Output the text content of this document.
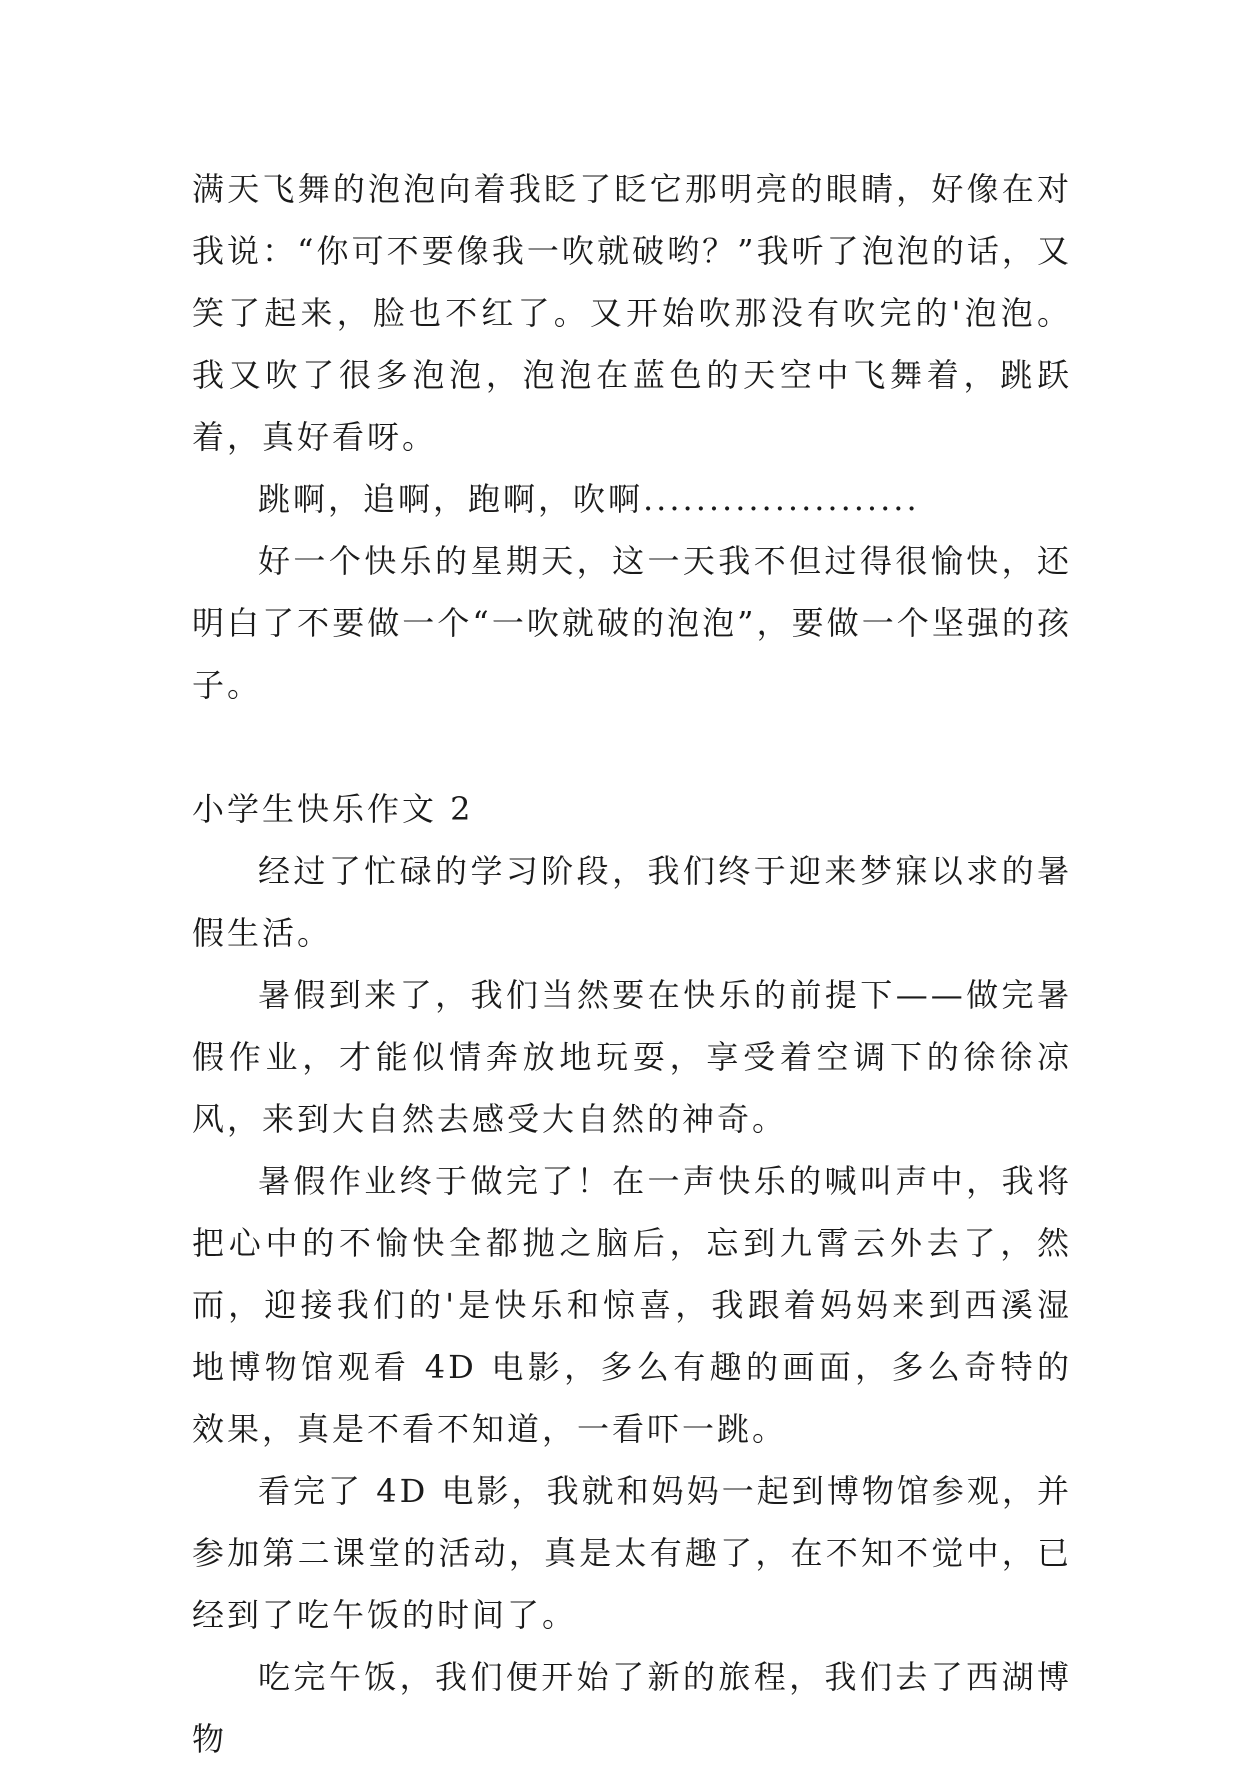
满天飞舞的泡泡向着我眨了眨它那明亮的眼睛，好像在对我说：“你可不要像我一吹就破哟？”我听了泡泡的话，又笑了起来，脸也不红了。又开始吹那没有吹完的'泡泡。我又吹了很多泡泡，泡泡在蓝色的天空中飞舞着，跳跃着，真好看呀。

跳啊，追啊，跑啊，吹啊.....................

好一个快乐的星期天，这一天我不但过得很愉快，还明白了不要做一个“一吹就破的泡泡”，要做一个坚强的孩子。

小学生快乐作文 2

经过了忙碌的学习阶段，我们终于迎来梦寐以求的暑假生活。

暑假到来了，我们当然要在快乐的前提下——做完暑假作业，才能似情奔放地玩耍，享受着空调下的徐徐凉风，来到大自然去感受大自然的神奇。

暑假作业终于做完了！在一声快乐的喊叫声中，我将把心中的不愉快全都抛之脑后，忘到九霄云外去了，然而，迎接我们的'是快乐和惊喜，我跟着妈妈来到西溪湿地博物馆观看 4D 电影，多么有趣的画面，多么奇特的效果，真是不看不知道，一看吓一跳。

看完了 4D 电影，我就和妈妈一起到博物馆参观，并参加第二课堂的活动，真是太有趣了，在不知不觉中，已经到了吃午饭的时间了。

吃完午饭，我们便开始了新的旅程，我们去了西湖博物
